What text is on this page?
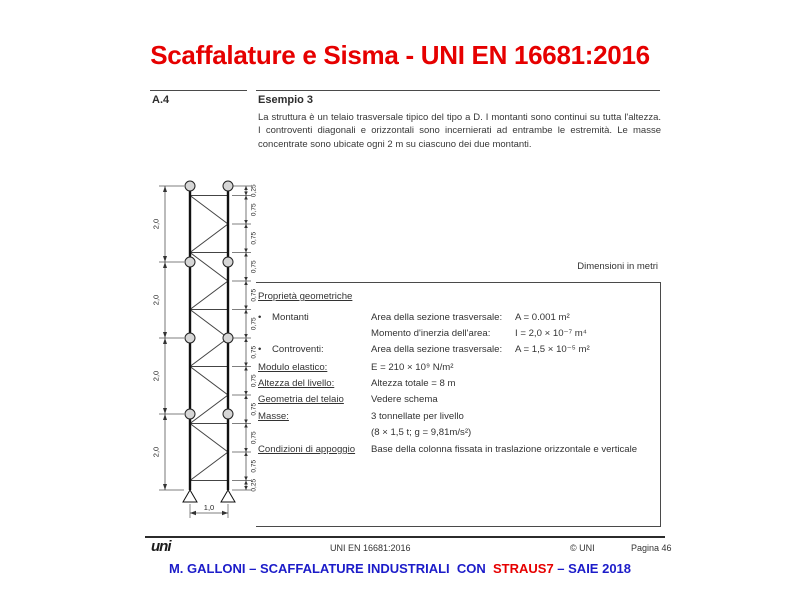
Scaffalature e Sisma - UNI EN 16681:2016
A.4	Esempio 3
La struttura è un telaio trasversale tipico del tipo a D. I montanti sono continui su tutta l'altezza. I controventi diagonali e orizzontali sono incernierati ad entrambe le estremità. Le masse concentrate sono ubicate ogni 2 m su ciascuno dei due montanti.
2,0
2,0
2,0
2,0
0,25
0,75
0,75
0,75
0,75
0,75
0,75
0,75
0,75
0,75
0,75
0,25
1,0
Dimensioni in metri
Proprietà geometriche
• Montanti	Area della sezione trasversale:	A = 0.001 m²
Momento d'inerzia dell'area:	I = 2,0 × 10⁻⁷ m⁴
• Controventi:	Area della sezione trasversale:	A = 1,5 × 10⁻⁵ m²
Modulo elastico:	E = 210 × 10⁹ N/m²
Altezza del livello:	Altezza totale = 8 m
Geometria del telaio	Vedere schema
Masse:	3 tonnellate per livello
(8 × 1,5 t; g = 9,81m/s²)
Condizioni di appoggio	Base della colonna fissata in traslazione orizzontale e verticale
uni	UNI EN 16681:2016	© UNI	Pagina 46
M. GALLONI – SCAFFALATURE INDUSTRIALI  CON  STRAUS7 – SAIE 2018
